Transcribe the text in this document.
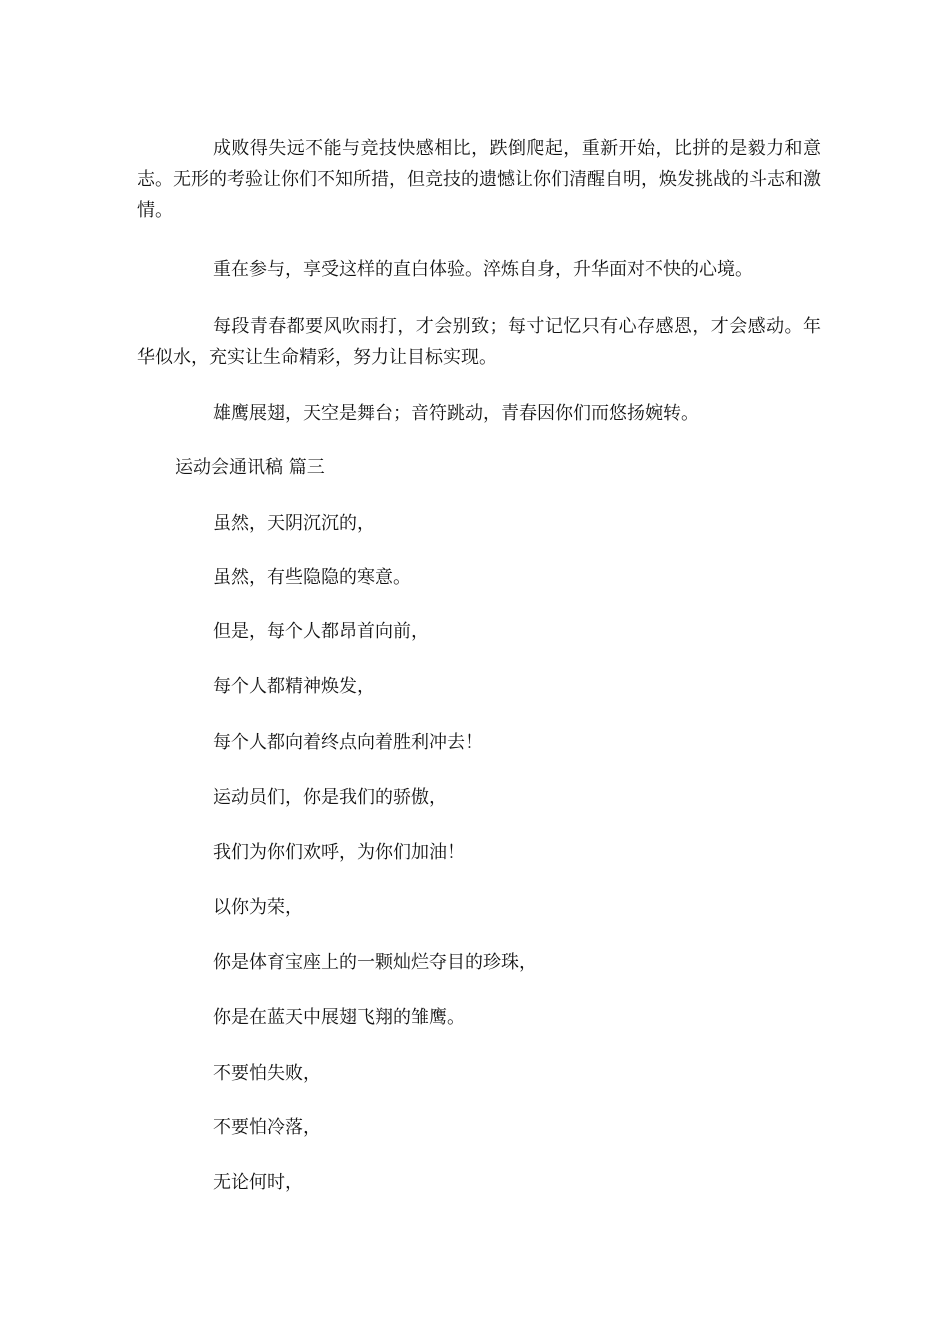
成败得失远不能与竞技快感相比，跌倒爬起，重新开始，比拼的是毅力和意志。无形的考验让你们不知所措，但竞技的遗憾让你们清醒自明，焕发挑战的斗志和激情。
重在参与，享受这样的直白体验。淬炼自身，升华面对不快的心境。
每段青春都要风吹雨打，才会别致；每寸记忆只有心存感恩，才会感动。年华似水，充实让生命精彩，努力让目标实现。
雄鹰展翅，天空是舞台；音符跳动，青春因你们而悠扬婉转。
运动会通讯稿 篇三
虽然，天阴沉沉的，
虽然，有些隐隐的寒意。
但是，每个人都昂首向前，
每个人都精神焕发，
每个人都向着终点向着胜利冲去！
运动员们，你是我们的骄傲，
我们为你们欢呼，为你们加油！
以你为荣，
你是体育宝座上的一颗灿烂夺目的珍珠，
你是在蓝天中展翅飞翔的雏鹰。
不要怕失败，
不要怕冷落，
无论何时，
